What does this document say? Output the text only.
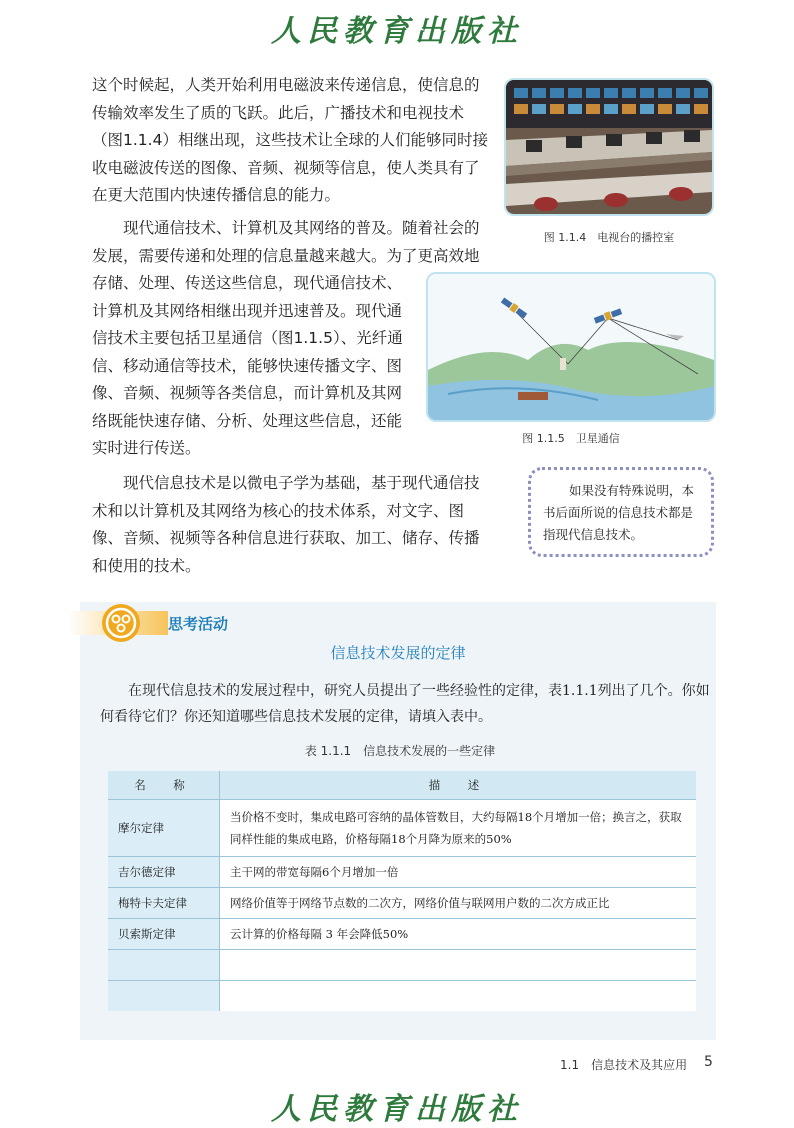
人民教育出版社

这个时候起，人类开始利用电磁波来传递信息，使信息的传输效率发生了质的飞跃。此后，广播技术和电视技术（图1.1.4）相继出现，这些技术让全球的人们能够同时接收电磁波传送的图像、音频、视频等信息，使人类具有了在更大范围内快速传播信息的能力。

图 1.1.4　电视台的播控室

现代通信技术、计算机及其网络的普及。随着社会的发展，需要传递和处理的信息量越来越大。为了更高效地存储、处理、传送这些信息，现代通信技术、计算机及其网络相继出现并迅速普及。现代通信技术主要包括卫星通信（图1.1.5）、光纤通信、移动通信等技术，能够快速传播文字、图像、音频、视频等各类信息，而计算机及其网络既能快速存储、分析、处理这些信息，还能实时进行传送。

图 1.1.5　卫星通信

现代信息技术是以微电子学为基础，基于现代通信技术和以计算机及其网络为核心的技术体系，对文字、图像、音频、视频等各种信息进行获取、加工、储存、传播和使用的技术。

如果没有特殊说明，本书后面所说的信息技术都是指现代信息技术。
思考活动
信息技术发展的定律

在现代信息技术的发展过程中，研究人员提出了一些经验性的定律，表1.1.1列出了几个。你如何看待它们？你还知道哪些信息技术发展的定律，请填入表中。

表 1.1.1　信息技术发展的一些定律
名　称	描　述
摩尔定律	当价格不变时，集成电路可容纳的晶体管数目，大约每隔18个月增加一倍；换言之，获取同样性能的集成电路，价格每隔18个月降为原来的50%
吉尔德定律	主干网的带宽每隔6个月增加一倍
梅特卡夫定律	网络价值等于网络节点数的二次方，网络价值与联网用户数的二次方成正比
贝索斯定律	云计算的价格每隔 3 年会降低50%

1.1　信息技术及其应用 5
人民教育出版社
